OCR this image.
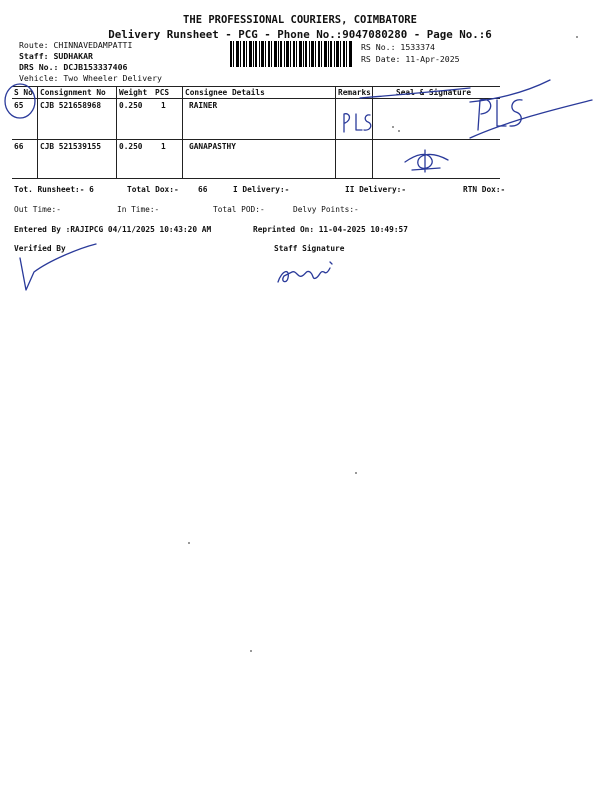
THE PROFESSIONAL COURIERS, COIMBATORE
Delivery Runsheet - PCG - Phone No.:9047080280 - Page No.:6
Route: CHINNAVEDAMPATTI
Staff: SUDHAKAR
DRS No.: DCJB153337406
Vehicle: Two Wheeler Delivery
RS No.: 1533374
RS Date: 11-Apr-2025
S No Consignment No Weight PCS Consignee Details	Remarks	Seal & Signature
65 CJB 521658968 0.250 1	RAINER
66 CJB 521539155 0.250 1	GANAPASTHY
Tot. Runsheet:- 6	Total Dox:- 66	I Delivery:-	II Delivery:-	RTN Dox:-
Out Time:-	In Time:-	Total POD:-	Delvy Points:-
Entered By :RAJIPCG 04/11/2025 10:43:20 AM	Reprinted On: 11-04-2025 10:49:57
Verified By	Staff Signature
